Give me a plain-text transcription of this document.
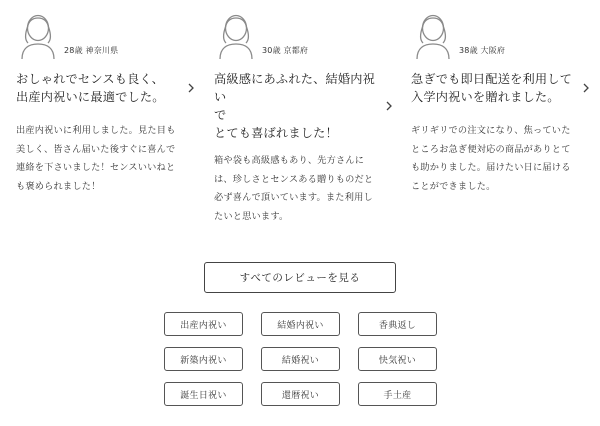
28歳 神奈川県
おしゃれでセンスも良く、
出産内祝いに最適でした。
出産内祝いに利用しました。見た目も
美しく、皆さん届いた後すぐに喜んで
連絡を下さいました！センスいいねと
も褒められました！
30歳 京都府
高級感にあふれた、結婚内祝い
で
とても喜ばれました！
箱や袋も高級感もあり、先方さんに
は、珍しさとセンスある贈りものだと
必ず喜んで頂いています。また利用し
たいと思います。
38歳 大阪府
急ぎでも即日配送を利用して
入学内祝いを贈れました。
ギリギリでの注文になり、焦っていた
ところお急ぎ便対応の商品がありとて
も助かりました。届けたい日に届ける
ことができました。
すべてのレビューを見る
出産内祝い	結婚内祝い	香典返し
新築内祝い	結婚祝い	快気祝い
誕生日祝い	還暦祝い	手土産
